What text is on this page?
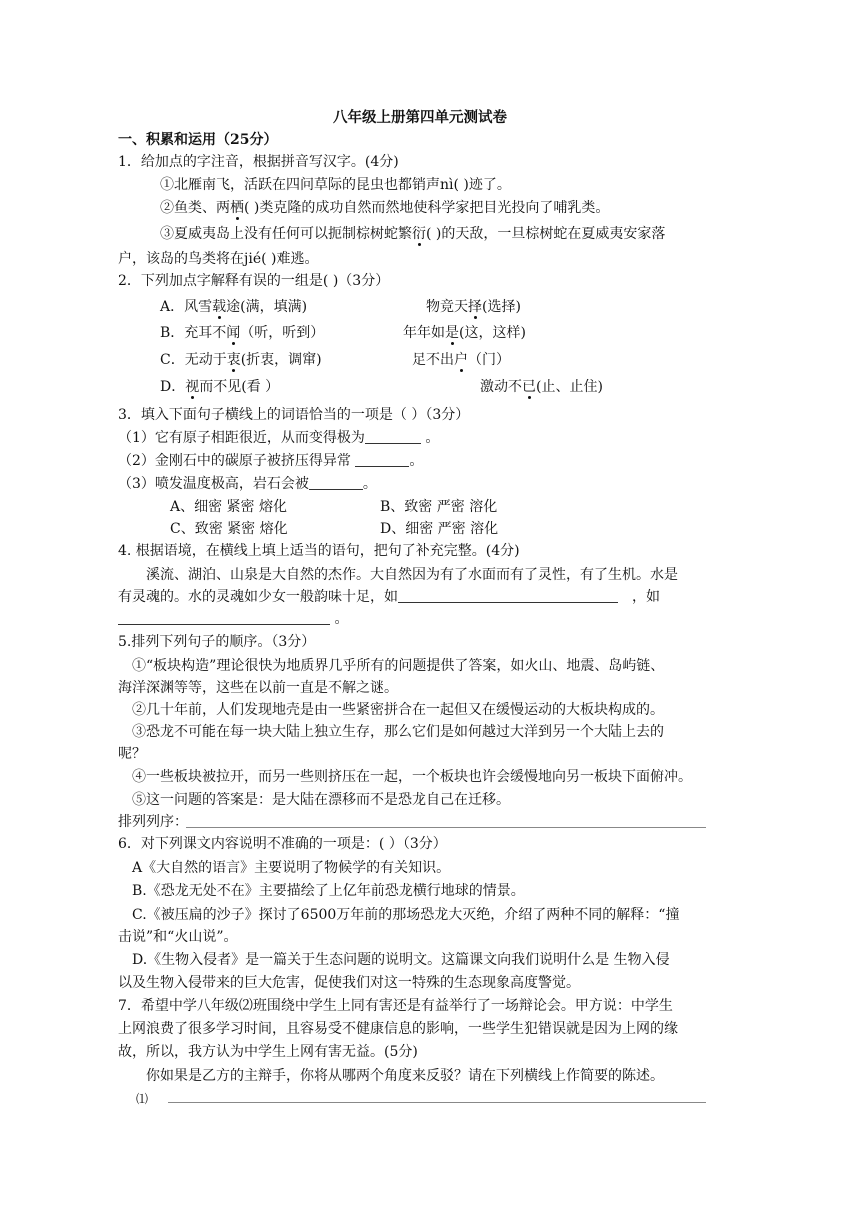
八年级上册第四单元测试卷
一、积累和运用（25分）
1．给加点的字注音，根据拼音写汉字。(4分)
①北雁南飞，活跃在四问草际的昆虫也都销声nì( )迹了。
②鱼类、两栖( )类克隆的成功自然而然地使科学家把目光投向了哺乳类。
③夏威夷岛上没有任何可以扼制棕树蛇繁衍( )的天敌，一旦棕树蛇在夏威夷安家落
户，该岛的鸟类将在jié( )难逃。
2．下列加点字解释有误的一组是( )（3分）
A．风雪载途(满，填满)	物竞天择(选择)
B．充耳不闻（听，听到）	年年如是(这，这样)
C．无动于衷(折衷，调窜)	足不出户（门）
D．视而不见(看 ）	激动不已(止、止住)
3．填入下面句子横线上的词语恰当的一项是（ ）（3分）
（1）它有原子相距很近，从而变得极为	。
（2）金刚石中的碳原子被挤压得异常	。
（3）喷发温度极高，岩石会被	。
A、细密 紧密 熔化	B、致密 严密 溶化
C、致密 紧密 熔化	D、细密 严密 溶化
4. 根据语境，在横线上填上适当的语句，把句了补充完整。(4分)
溪流、湖泊、山泉是大自然的杰作。大自然因为有了水面而有了灵性，有了生机。水是
有灵魂的。水的灵魂如少女一般韵味十足，如	，如
。
5.排列下列句子的顺序。（3分）
①“板块构造”理论很快为地质界几乎所有的问题提供了答案，如火山、地震、岛屿链、
海洋深渊等等，这些在以前一直是不解之谜。
②几十年前，人们发现地壳是由一些紧密拼合在一起但又在缓慢运动的大板块构成的。
③恐龙不可能在每一块大陆上独立生存，那么它们是如何越过大洋到另一个大陆上去的
呢？
④一些板块被拉开，而另一些则挤压在一起，一个板块也许会缓慢地向另一板块下面俯冲。
⑤这一问题的答案是：是大陆在漂移而不是恐龙自己在迁移。
排列列序：
6．对下列课文内容说明不准确的一项是：( ）（3分）
A《大自然的语言》主要说明了物候学的有关知识。
B.《恐龙无处不在》主要描绘了上亿年前恐龙横行地球的情景。
C.《被压扁的沙子》探讨了6500万年前的那场恐龙大灭绝，介绍了两种不同的解释：“撞
击说”和“火山说”。
D.《生物入侵者》是一篇关于生态问题的说明文。这篇课文向我们说明什么是 生物入侵
以及生物入侵带来的巨大危害，促使我们对这一特殊的生态现象高度警觉。
7．希望中学八年级⑵班围绕中学生上同有害还是有益举行了一场辩论会。甲方说：中学生
上网浪费了很多学习时间，且容易受不健康信息的影响，一些学生犯错误就是因为上网的缘
故，所以，我方认为中学生上网有害无益。(5分)
你如果是乙方的主辩手，你将从哪两个角度来反驳？请在下列横线上作简要的陈述。
⑴
